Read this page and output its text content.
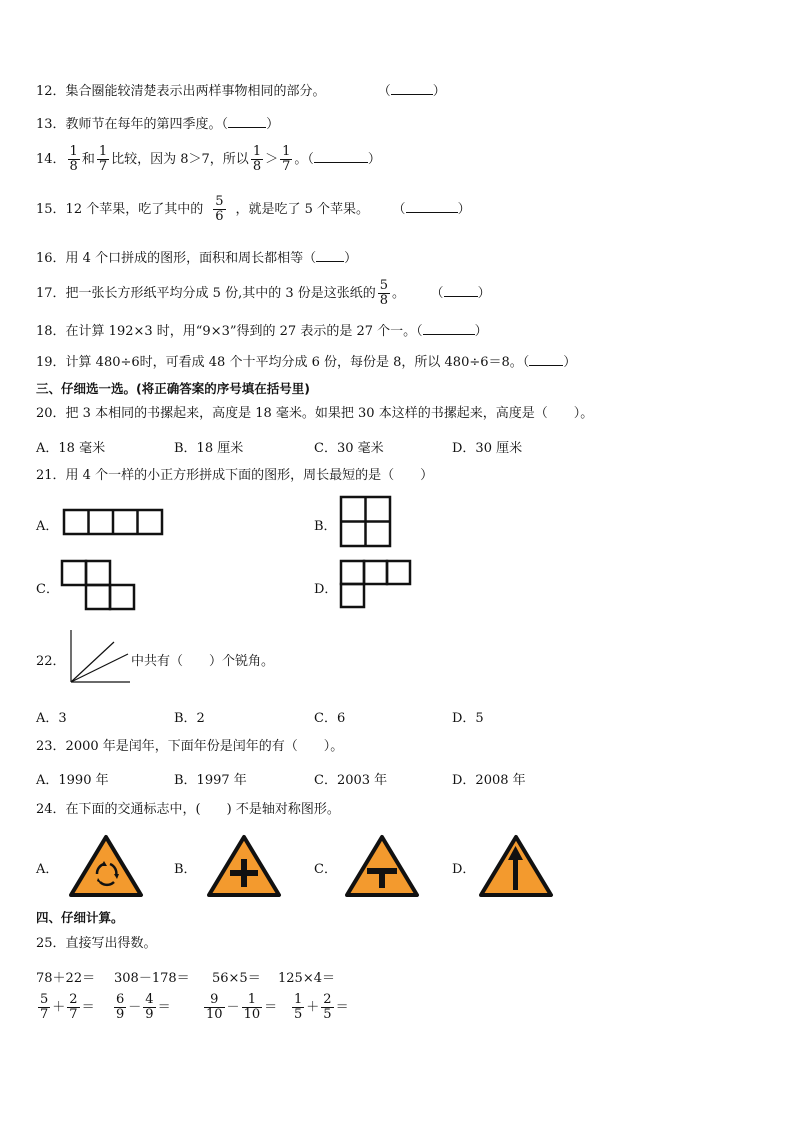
12．集合圈能较清楚表示出两样事物相同的部分。	（	）
13．教师节在每年的第四季度。（	）
14． $\frac{1}{8}$ 和 $\frac{1}{7}$ 比较，因为 8＞7，所以 $\frac{1}{8} > \frac{1}{7}$ 。（	）
15．12 个苹果，吃了其中的 $\frac{5}{6}$ ，就是吃了 5 个苹果。 （	）
16．用 4 个口拼成的图形，面积和周长都相等（ ）
17．把一张长方形纸平均分成 5 份,其中的 3 份是这张纸的 $\frac{5}{8}$ 。 （	）
18．在计算 192×3 时，用“9×3”得到的 27 表示的是 27 个一。（	）
19．计算 480÷6时，可看成 48 个十平均分成 6 份，每份是 8，所以 480÷6＝8。（	）
三、仔细选一选。(将正确答案的序号填在括号里)
20．把 3 本相同的书摞起来，高度是 18 毫米。如果把 30 本这样的书摞起来，高度是（　　）。
A．18 毫米	B．18 厘米	C．30 毫米	D．30 厘米
21．用 4 个一样的小正方形拼成下面的图形，周长最短的是（　　）
A．	B．
C．	D．
22．	中共有（　　）个锐角。
A．3	B．2	C．6	D．5
23．2000 年是闰年，下面年份是闰年的有（　　）。
A．1990 年	B．1997 年	C．2003 年	D．2008 年
24．在下面的交通标志中，(　　) 不是轴对称图形。
A．	B．	C．	D．
四、仔细计算。
25．直接写出得数。
78＋22＝ 308－178＝ 56×5＝ 125×4＝
$\frac{5}{7} + \frac{2}{7} = \frac{6}{9} - \frac{4}{9}$ ＝	$\frac{9}{10} - \frac{1}{10} = \frac{1}{5} + \frac{2}{5}$ ＝
